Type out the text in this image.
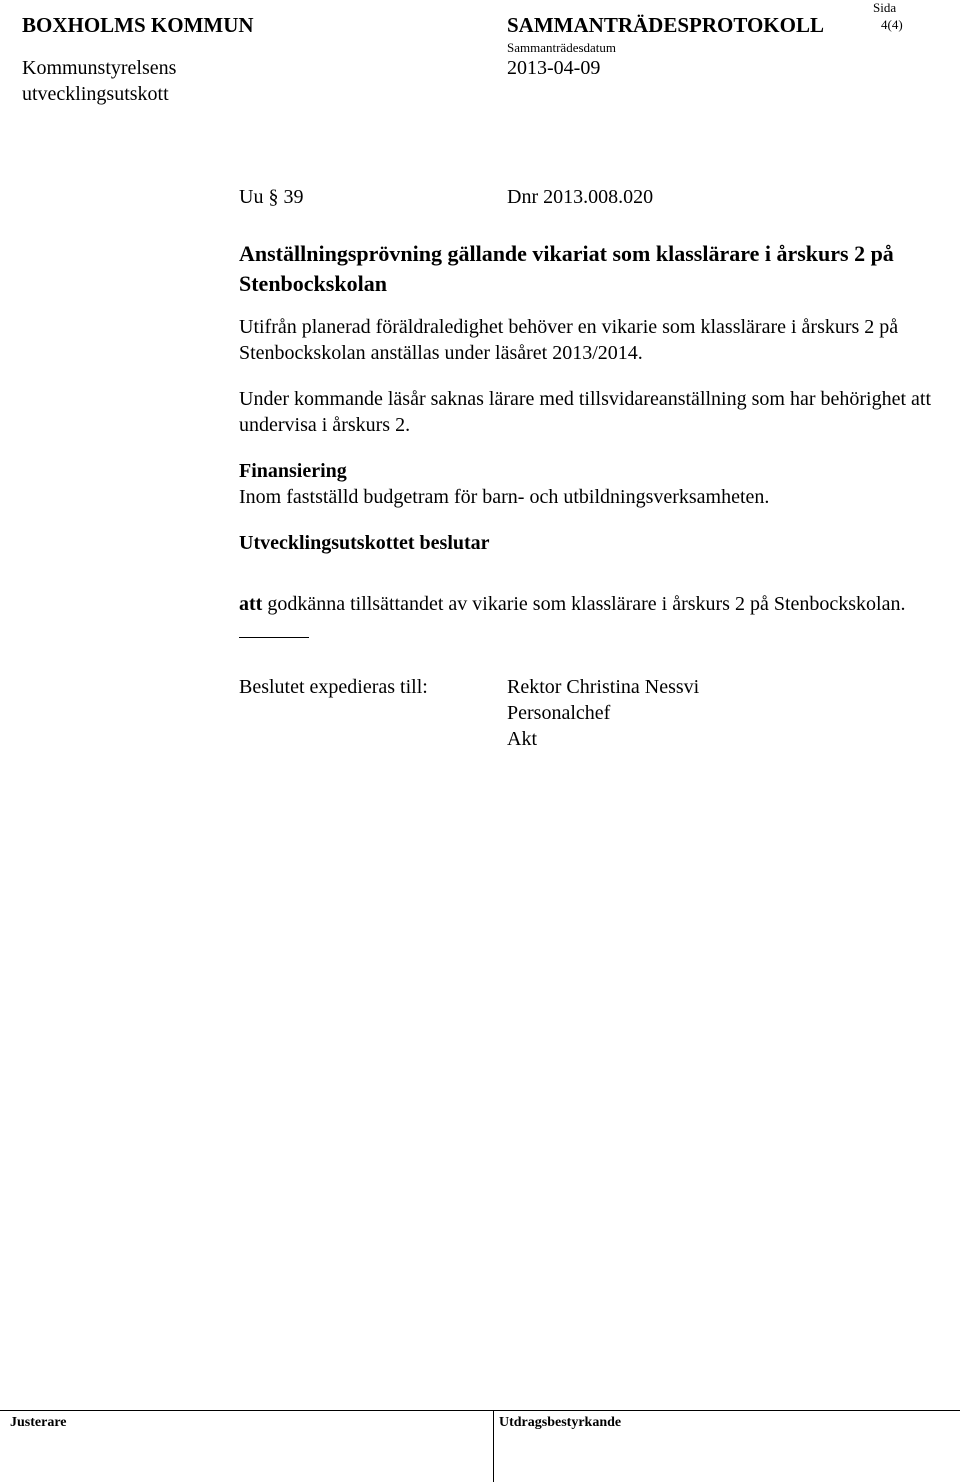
BOXHOLMS KOMMUN	SAMMANTRÄDESPROTOKOLL
Sida
4(4)
Kommunstyrelsens
utvecklingsutskott
Sammanträdesdatum
2013-04-09
Uu § 39	Dnr 2013.008.020
Anställningsprövning gällande vikariat som klasslärare i årskurs 2 på Stenbockskolan

Utifrån planerad föräldraledighet behöver en vikarie som klasslärare i årskurs 2 på Stenbockskolan anställas under läsåret 2013/2014.

Under kommande läsår saknas lärare med tillsvidareanställning som har behörighet att undervisa i årskurs 2.

Finansiering

Inom fastställd budgetram för barn- och utbildningsverksamheten.

Utvecklingsutskottet beslutar

att godkänna tillsättandet av vikarie som klasslärare i årskurs 2 på Stenbockskolan.

Beslutet expedieras till:	Rektor Christina Nessvi
Personalchef
Akt
Justerare	Utdragsbestyrkande
